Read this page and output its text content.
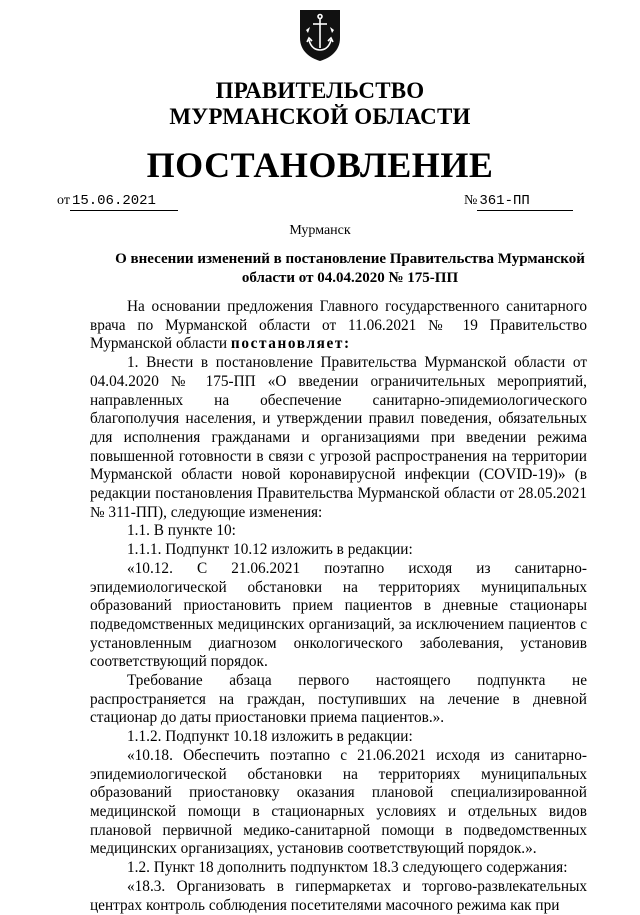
ПРАВИТЕЛЬСТВО
МУРМАНСКОЙ ОБЛАСТИ
ПОСТАНОВЛЕНИЕ
от 15.06.2021	№ 361-ПП
Мурманск
О внесении изменений в постановление Правительства Мурманской
области от 04.04.2020 № 175-ПП

На основании предложения Главного государственного санитарного врача по Мурманской области от 11.06.2021 № 19 Правительство Мурманской области постановляет:

1. Внести в постановление Правительства Мурманской области от 04.04.2020 № 175-ПП «О введении ограничительных мероприятий, направленных на обеспечение санитарно-эпидемиологического благополучия населения, и утверждении правил поведения, обязательных для исполнения гражданами и организациями при введении режима повышенной готовности в связи с угрозой распространения на территории Мурманской области новой коронавирусной инфекции (COVID-19)» (в редакции постановления Правительства Мурманской области от 28.05.2021 № 311-ПП), следующие изменения:

1.1. В пункте 10:

1.1.1. Подпункт 10.12 изложить в редакции:

«10.12. С 21.06.2021 поэтапно исходя из санитарно-эпидемиологической обстановки на территориях муниципальных образований приостановить прием пациентов в дневные стационары подведомственных медицинских организаций, за исключением пациентов с установленным диагнозом онкологического заболевания, установив соответствующий порядок.

Требование абзаца первого настоящего подпункта не распространяется на граждан, поступивших на лечение в дневной стационар до даты приостановки приема пациентов.».

1.1.2. Подпункт 10.18 изложить в редакции:

«10.18. Обеспечить поэтапно с 21.06.2021 исходя из санитарно-эпидемиологической обстановки на территориях муниципальных образований приостановку оказания плановой специализированной медицинской помощи в стационарных условиях и отдельных видов плановой первичной медико-санитарной помощи в подведомственных медицинских организациях, установив соответствующий порядок.».

1.2. Пункт 18 дополнить подпунктом 18.3 следующего содержания:

«18.3. Организовать в гипермаркетах и торгово-развлекательных центрах контроль соблюдения посетителями масочного режима как при
